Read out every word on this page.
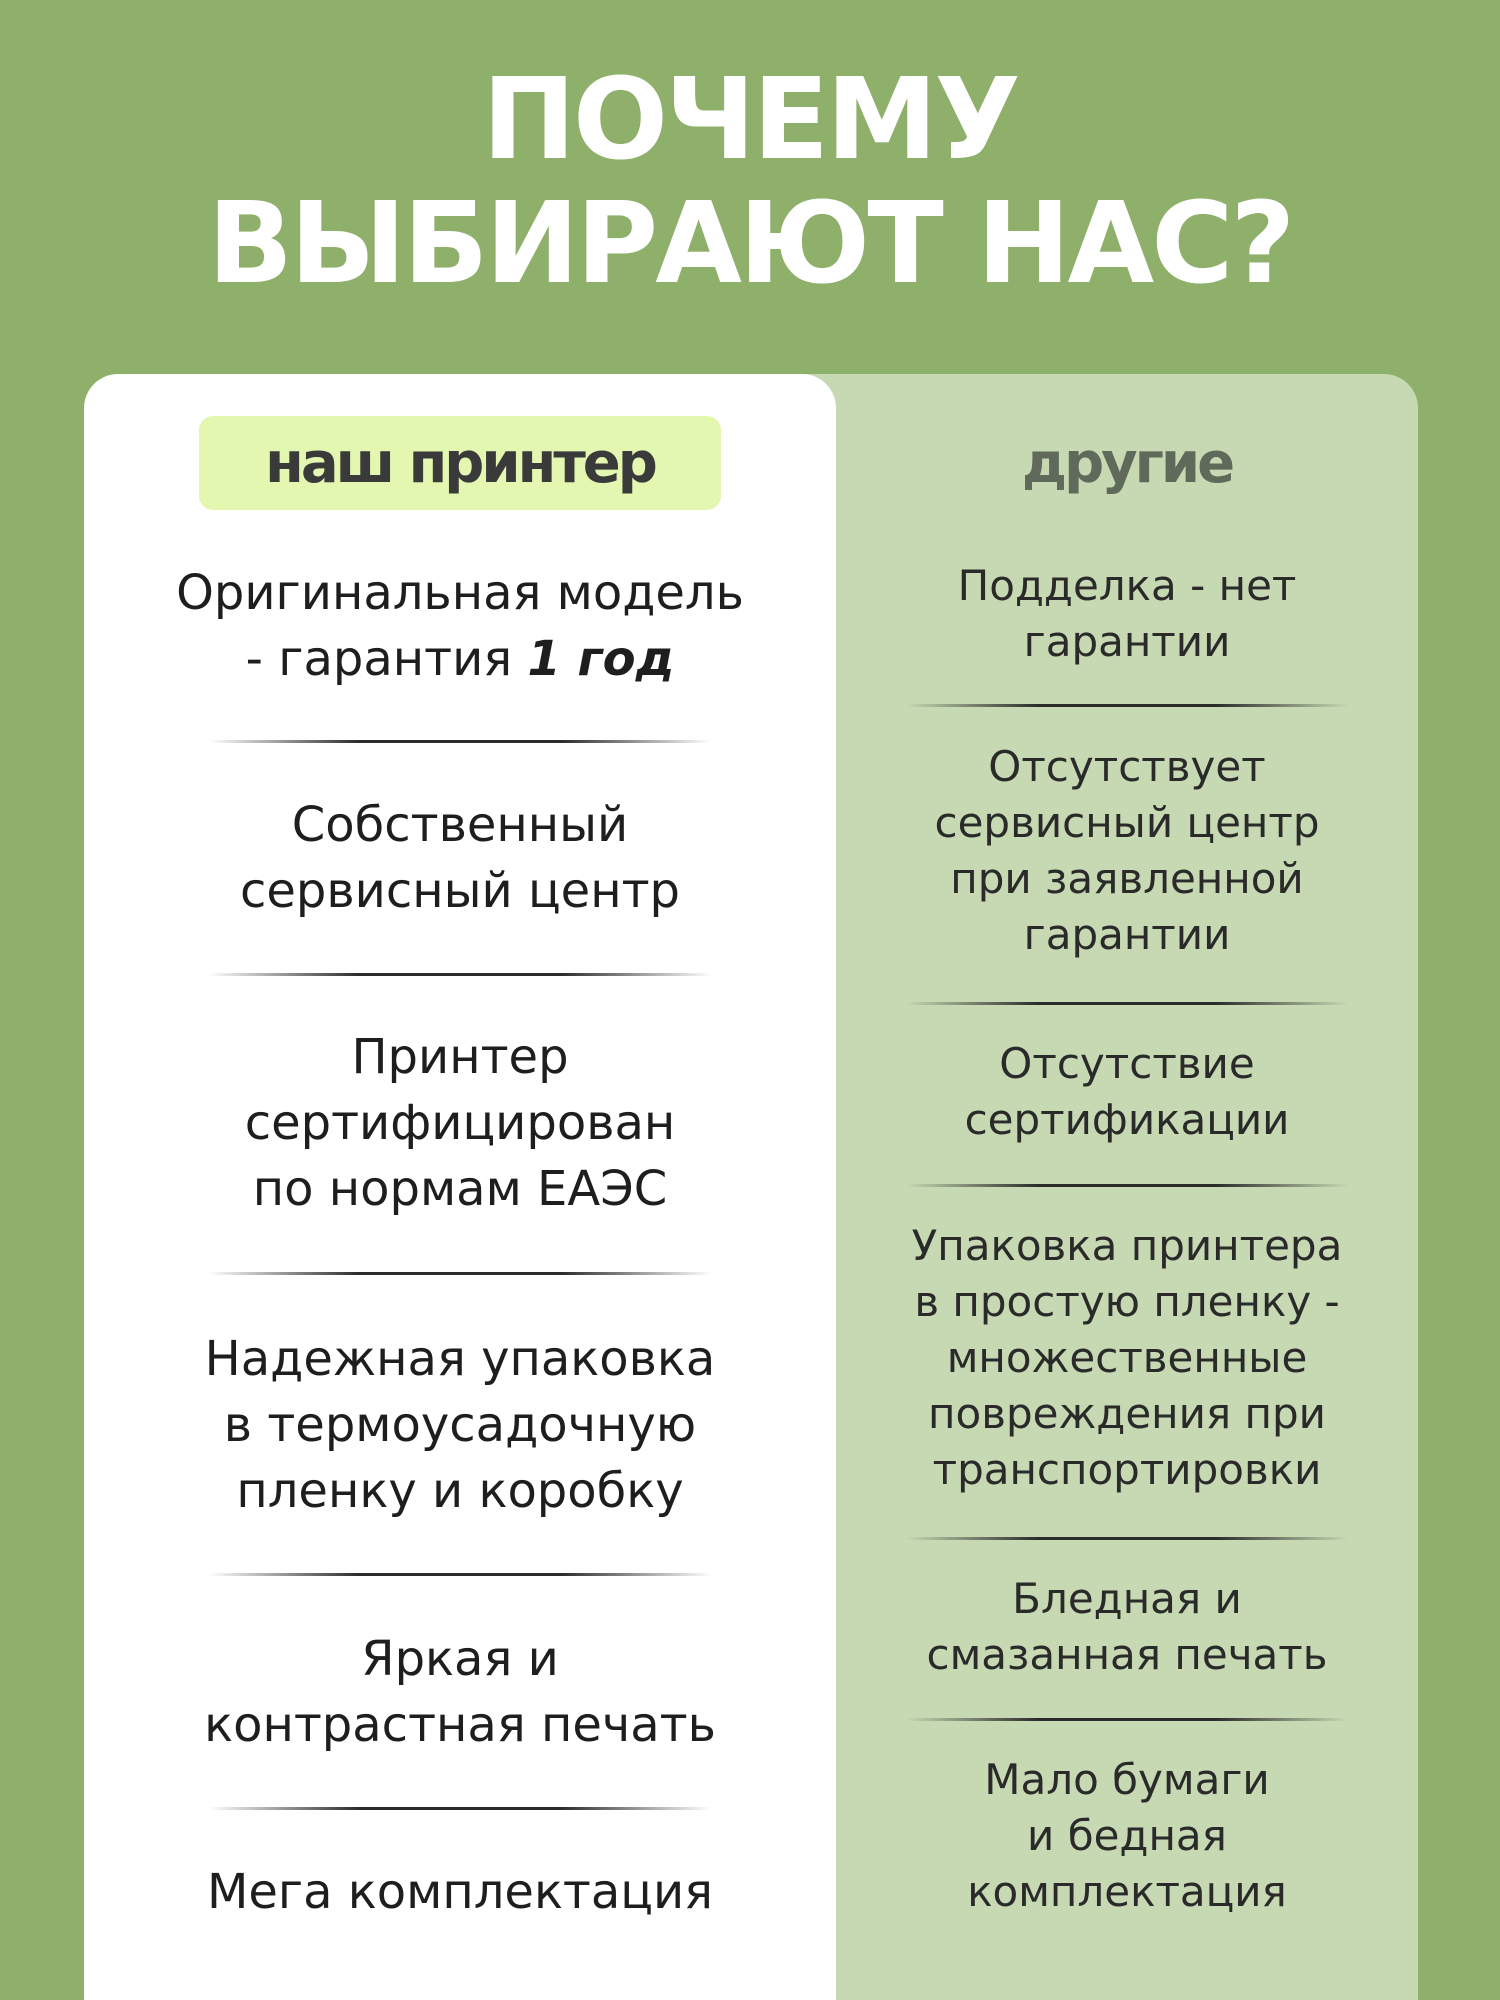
ПОЧЕМУ
ВЫБИРАЮТ НАС?
наш принтер
Оригинальная модель
- гарантия 1 год
Собственный
сервисный центр
Принтер
сертифицирован
по нормам ЕАЭС
Надежная упаковка
в термоусадочную
пленку и коробку
Яркая и
контрастная печать
Мега комплектация
другие
Подделка - нет
гарантии
Отсутствует
сервисный центр
при заявленной
гарантии
Отсутствие
сертификации
Упаковка принтера
в простую пленку -
множественные
повреждения при
транспортировки
Бледная и
смазанная печать
Мало бумаги
и бедная
комплектация
